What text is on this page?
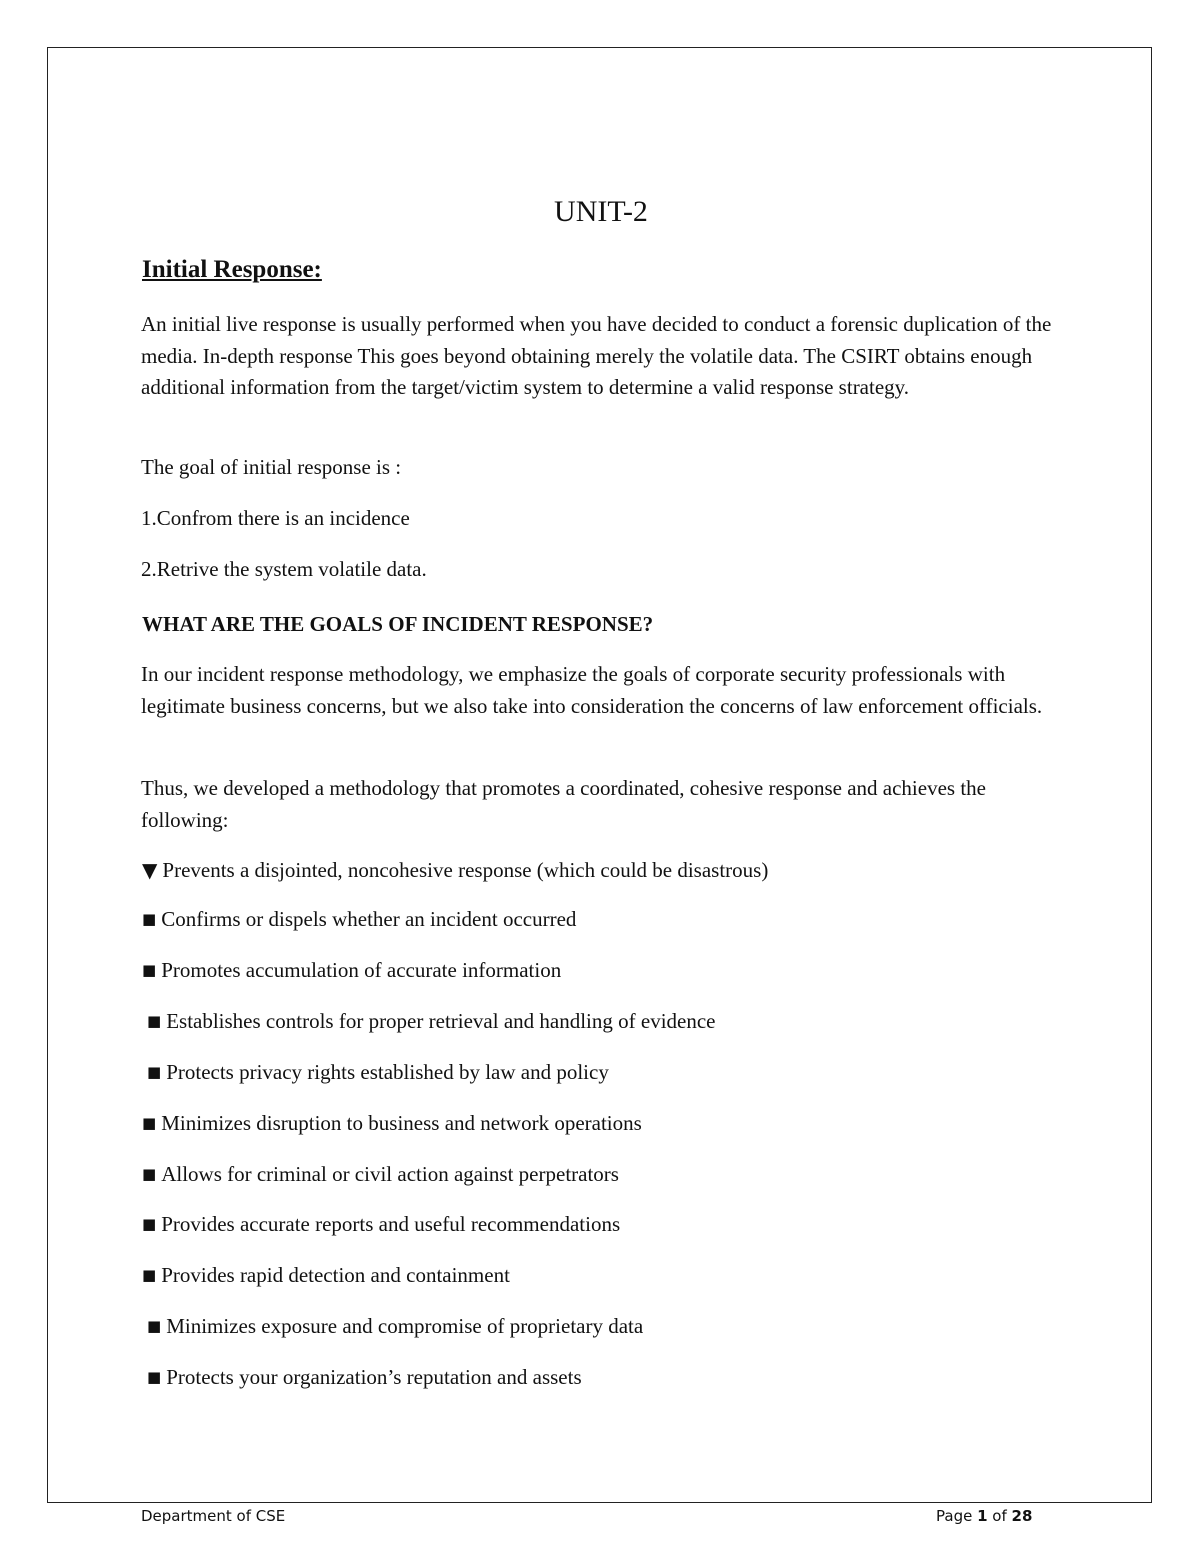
UNIT-2
Initial Response:

An initial live response is usually performed when you have decided to conduct a forensic duplication of the media. In-depth response This goes beyond obtaining merely the volatile data. The CSIRT obtains enough additional information from the target/victim system to determine a valid response strategy.

The goal of initial response is :

1.Confrom there is an incidence

2.Retrive the system volatile data.

WHAT ARE THE GOALS OF INCIDENT RESPONSE?

In our incident response methodology, we emphasize the goals of corporate security professionals with legitimate business concerns, but we also take into consideration the concerns of law enforcement officials.

Thus, we developed a methodology that promotes a coordinated, cohesive response and achieves the following:

▼ Prevents a disjointed, noncohesive response (which could be disastrous)

■ Confirms or dispels whether an incident occurred

■ Promotes accumulation of accurate information

■ Establishes controls for proper retrieval and handling of evidence

■ Protects privacy rights established by law and policy

■ Minimizes disruption to business and network operations

■ Allows for criminal or civil action against perpetrators

■ Provides accurate reports and useful recommendations

■ Provides rapid detection and containment

■ Minimizes exposure and compromise of proprietary data

■ Protects your organization’s reputation and assets

Department of CSE	Page 1 of 28
